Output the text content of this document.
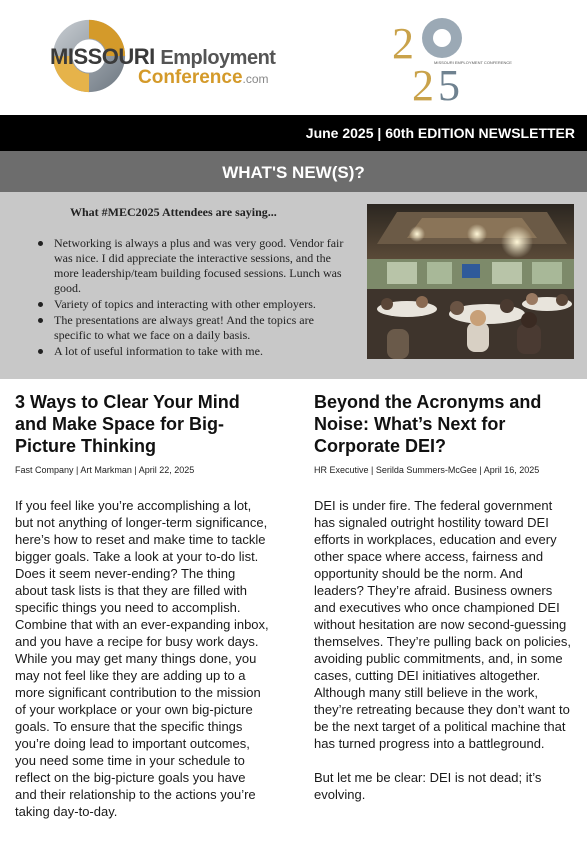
MISSOURI Employment
Conference.com
2
2 5
MISSOURI EMPLOYMENT CONFERENCE
June 2025 | 60th EDITION NEWSLETTER
WHAT'S NEW(S)?
What #MEC2025 Attendees are saying...
Networking is always a plus and was very good. Vendor fair was nice. I did appreciate the interactive sessions, and the more leadership/team building focused sessions. Lunch was good.
Variety of topics and interacting with other employers.
The presentations are always great! And the topics are specific to what we face on a daily basis.
A lot of useful information to take with me.
3 Ways to Clear Your Mind and Make Space for Big-Picture Thinking
Fast Company | Art Markman | April 22, 2025

If you feel like you’re accomplishing a lot, but not anything of longer-term significance, here’s how to reset and make time to tackle bigger goals. Take a look at your to-do list. Does it seem never-ending? The thing about task lists is that they are filled with specific things you need to accomplish. Combine that with an ever-expanding inbox, and you have a recipe for busy work days. While you may get many things done, you may not feel like they are adding up to a more significant contribution to the mission of your workplace or your own big-picture goals. To ensure that the specific things you’re doing lead to important outcomes, you need some time in your schedule to reflect on the big-picture goals you have and their relationship to the actions you’re taking day-to-day.

Beyond the Acronyms and Noise: What’s Next for Corporate DEI?
HR Executive | Serilda Summers-McGee | April 16, 2025

DEI is under fire. The federal government has signaled outright hostility toward DEI efforts in workplaces, education and every other space where access, fairness and opportunity should be the norm. And leaders? They’re afraid. Business owners and executives who once championed DEI without hesitation are now second-guessing themselves. They’re pulling back on policies, avoiding public commitments, and, in some cases, cutting DEI initiatives altogether. Although many still believe in the work, they’re retreating because they don’t want to be the next target of a political machine that has turned progress into a battleground.

But let me be clear: DEI is not dead; it’s evolving.
